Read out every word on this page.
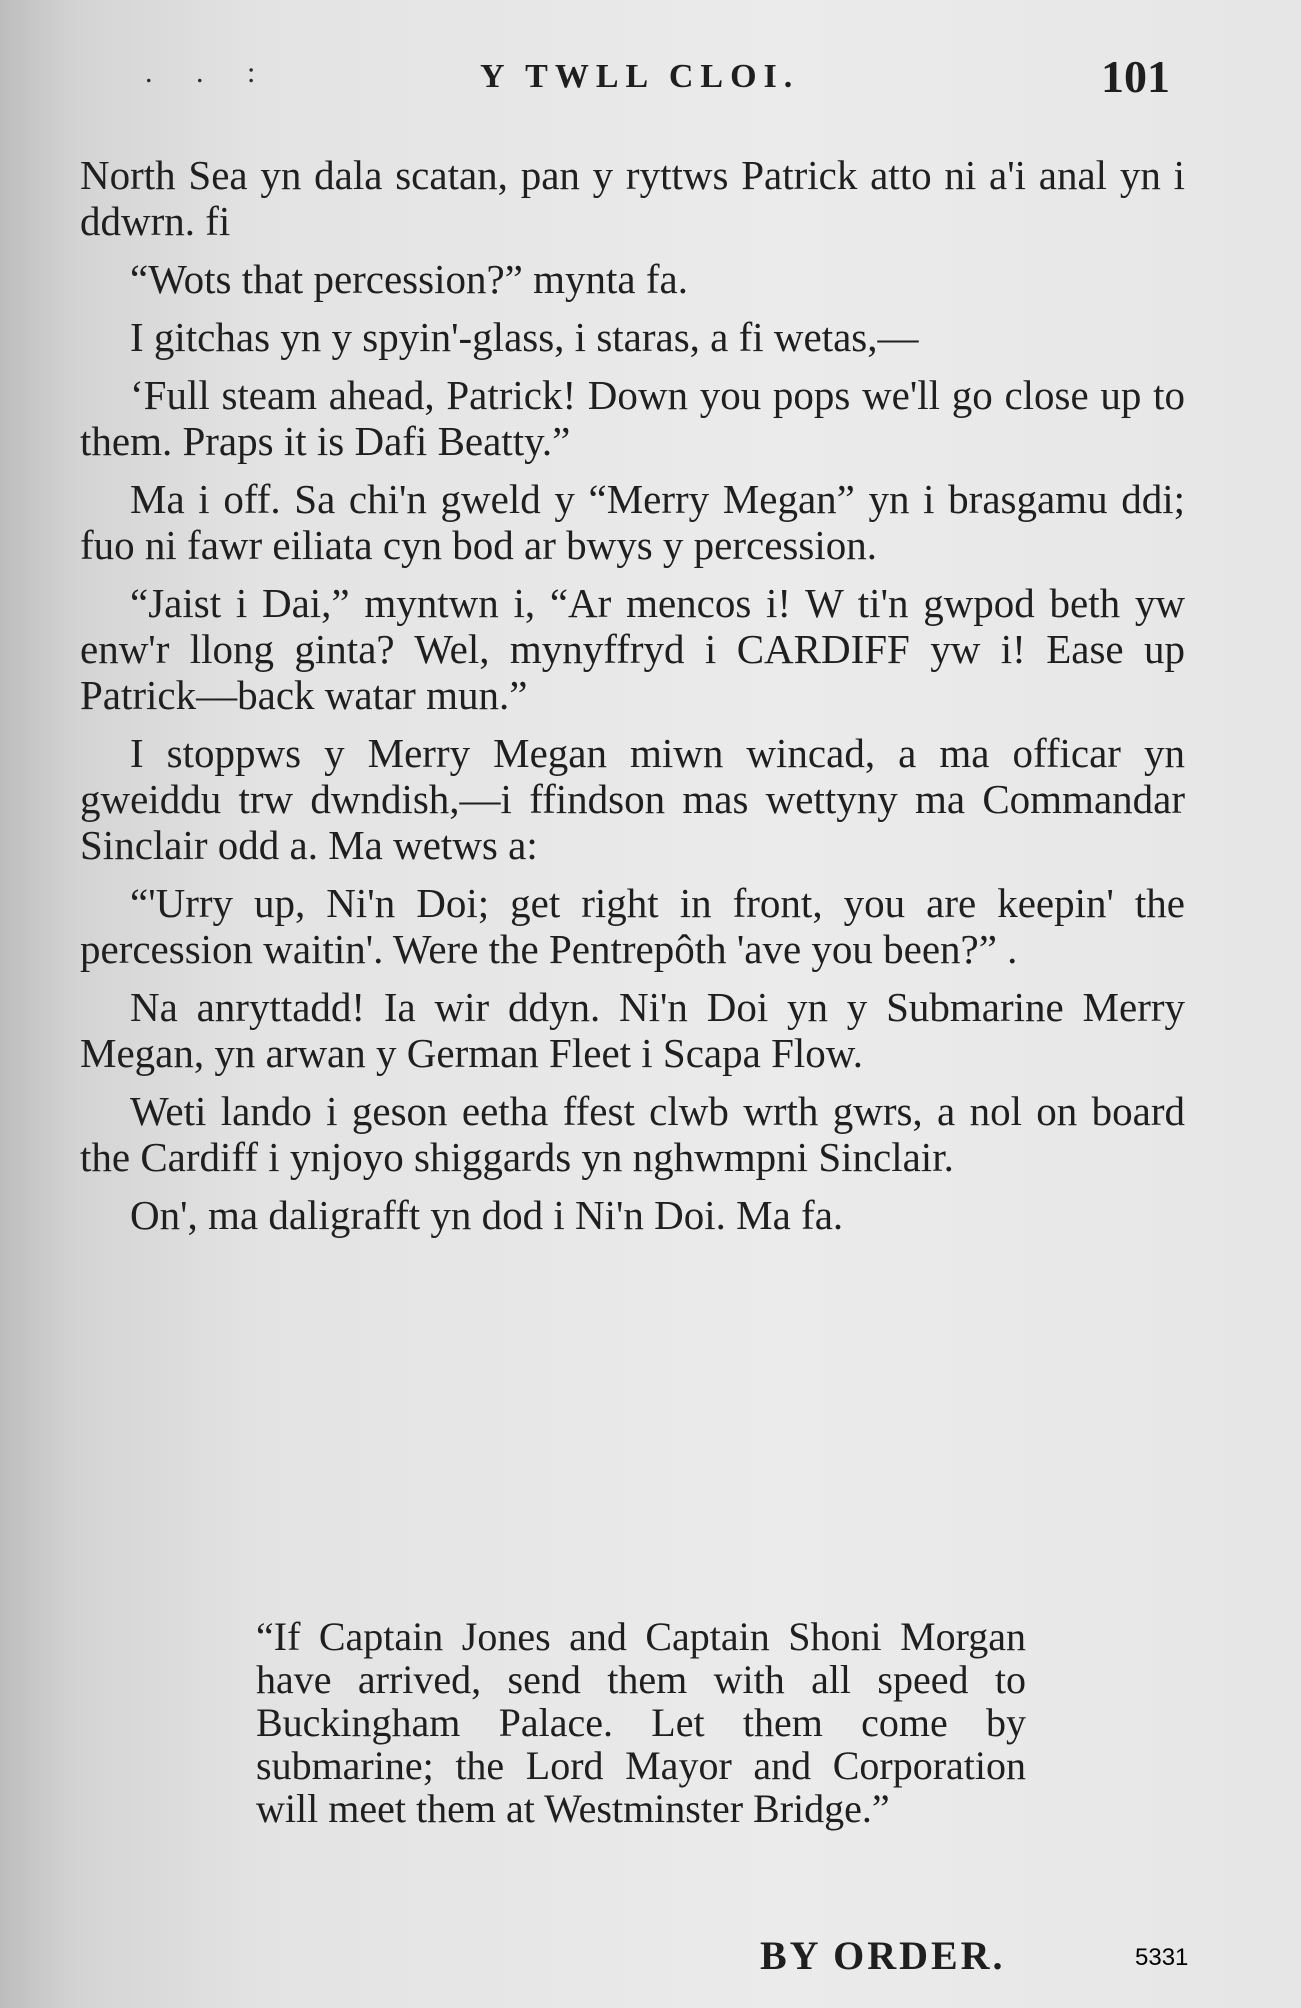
. . :	Y TWLL CLOI.	101

North Sea yn dala scatan, pan y ryttws Patrick atto ni a'i anal yn i ddwrn. fi

“Wots that percession?” mynta fa.

I gitchas yn y spyin'-glass, i staras, a fi wetas,—

‘Full steam ahead, Patrick! Down you pops we'll go close up to them. Praps it is Dafi Beatty.”

Ma i off. Sa chi'n gweld y “Merry Megan” yn i brasgamu ddi; fuo ni fawr eiliata cyn bod ar bwys y percession.

“Jaist i Dai,” myntwn i, “Ar mencos i! W ti'n gwpod beth yw enw'r llong ginta? Wel, mynyffryd i CARDIFF yw i! Ease up Patrick—back watar mun.”

I stoppws y Merry Megan miwn wincad, a ma officar yn gweiddu trw dwndish,—i ffindson mas wettyny ma Commandar Sinclair odd a. Ma wetws a:

“'Urry up, Ni'n Doi; get right in front, you are keepin' the percession waitin'. Were the Pentrepôth 'ave you been?” .

Na anryttadd! Ia wir ddyn. Ni'n Doi yn y Submarine Merry Megan, yn arwan y German Fleet i Scapa Flow.

Weti lando i geson eetha ffest clwb wrth gwrs, a nol on board the Cardiff i ynjoyo shiggards yn nghwmpni Sinclair.

On', ma daligrafft yn dod i Ni'n Doi. Ma fa.

“If Captain Jones and Captain Shoni Morgan have arrived, send them with all speed to Buckingham Palace. Let them come by submarine; the Lord Mayor and Corporation will meet them at Westminster Bridge.”

BY ORDER.	5331
